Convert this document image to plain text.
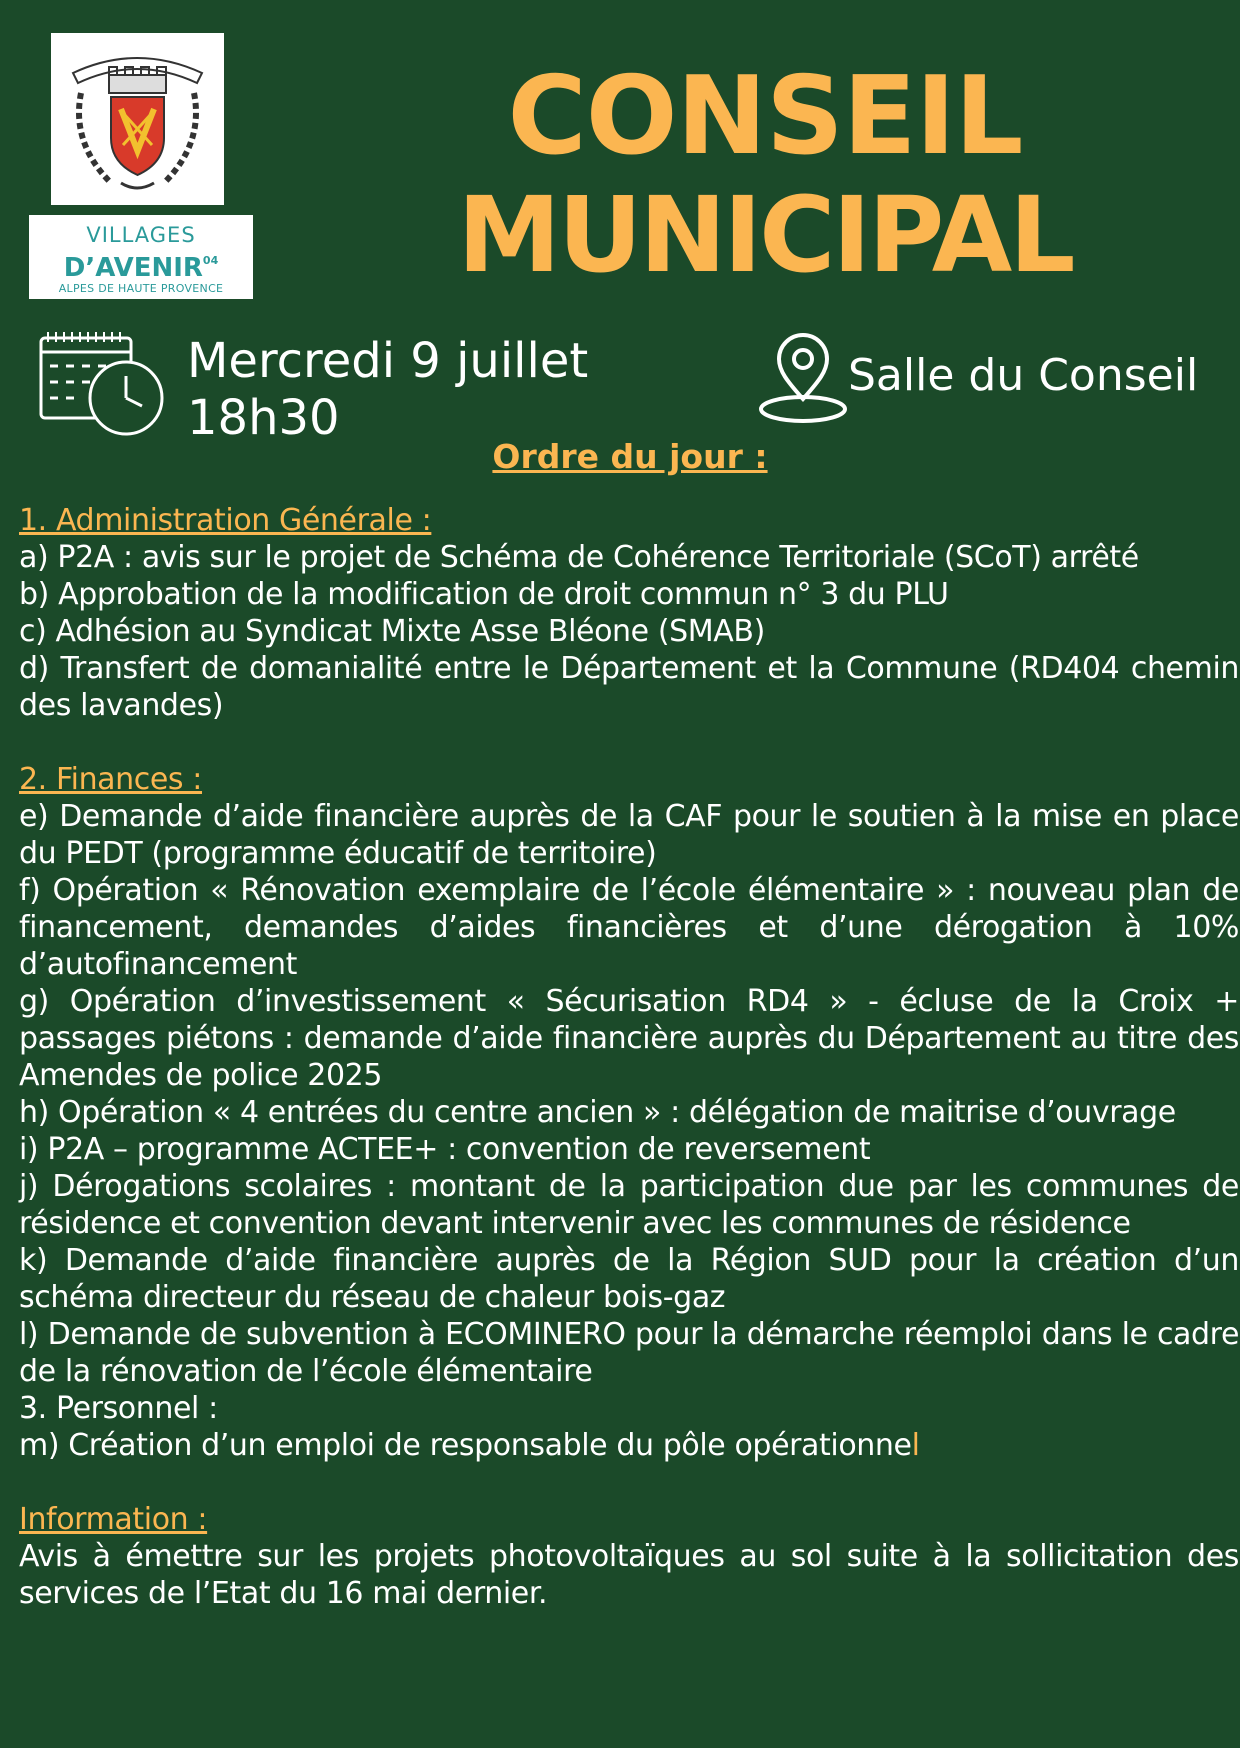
VILLAGES
D’AVENIR$^{04}$
ALPES DE HAUTE PROVENCE
CONSEIL
MUNICIPAL
Mercredi 9 juillet
18h30
Salle du Conseil
Ordre du jour :
1. Administration Générale :
a) P2A : avis sur le projet de Schéma de Cohérence Territoriale (SCoT) arrêté
b) Approbation de la modification de droit commun n° 3 du PLU
c) Adhésion au Syndicat Mixte Asse Bléone (SMAB)
d) Transfert de domanialité entre le Département et la Commune (RD404 chemin des lavandes)
2. Finances :
e) Demande d’aide financière auprès de la CAF pour le soutien à la mise en place du PEDT (programme éducatif de territoire)
f) Opération « Rénovation exemplaire de l’école élémentaire » : nouveau plan de financement, demandes d’aides financières et d’une dérogation à 10% d’autofinancement
g) Opération d’investissement « Sécurisation RD4 » - écluse de la Croix + passages piétons : demande d’aide financière auprès du Département au titre des Amendes de police 2025
h) Opération « 4 entrées du centre ancien » : délégation de maitrise d’ouvrage
i) P2A – programme ACTEE+ : convention de reversement
j) Dérogations scolaires : montant de la participation due par les communes de résidence et convention devant intervenir avec les communes de résidence
k) Demande d’aide financière auprès de la Région SUD pour la création d’un schéma directeur du réseau de chaleur bois-gaz
l) Demande de subvention à ECOMINERO pour la démarche réemploi dans le cadre de la rénovation de l’école élémentaire
3. Personnel :
m) Création d’un emploi de responsable du pôle opérationnel
Information :
Avis à émettre sur les projets photovoltaïques au sol suite à la sollicitation des services de l’Etat du 16 mai dernier.
